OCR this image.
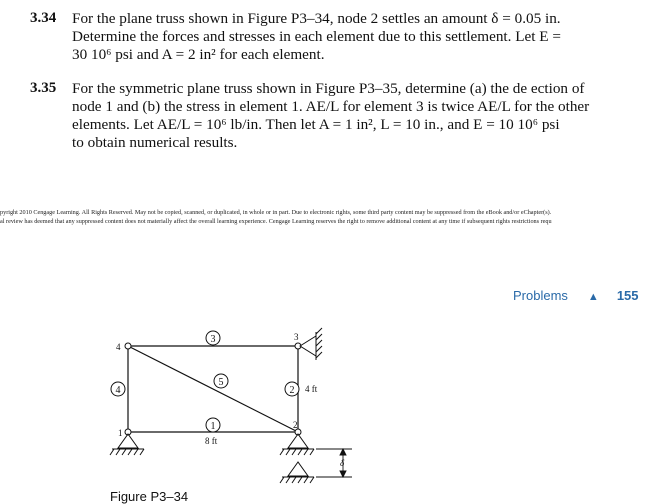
3.34 For the plane truss shown in Figure P3–34, node 2 settles an amount δ = 0.05 in.
Determine the forces and stresses in each element due to this settlement. Let E =
30 10⁶ psi and A = 2 in² for each element.
3.35 For the symmetric plane truss shown in Figure P3–35, determine (a) the de ection of
node 1 and (b) the stress in element 1. AE/L for element 3 is twice AE/L for the other
elements. Let AE/L = 10⁶ lb/in. Then let A = 1 in², L = 10 in., and E = 10 10⁶ psi
to obtain numerical results.
pyright 2010 Cengage Learning. All Rights Reserved. May not be copied, scanned, or duplicated, in whole or in part. Due to electronic rights, some third party content may be suppressed from the eBook and/or eChapter(s).
al review has deemed that any suppressed content does not materially affect the overall learning experience. Cengage Learning reserves the right to remove additional content at any time if subsequent rights restrictions requ
Problems ▲ 155
3
4
5
2
1
4
3
1
2
8 ft
4 ft
δ
Figure P3–34
